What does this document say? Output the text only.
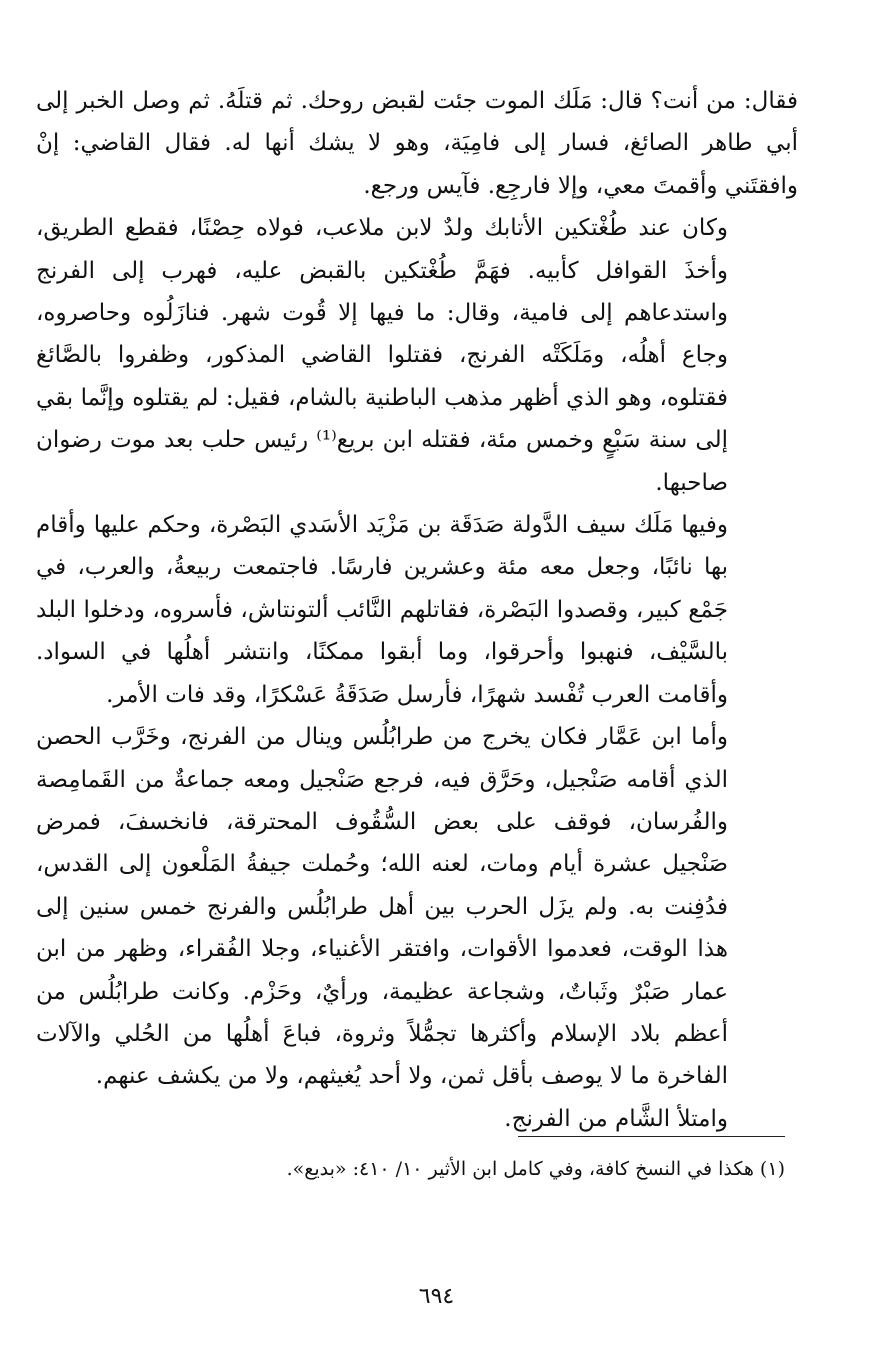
فقال: من أنت؟ قال: مَلَك الموت جئت لقبض روحك. ثم قتلَهُ. ثم وصل الخبر إلى أبي طاهر الصائغ، فسار إلى فامِيَة، وهو لا يشك أنها له. فقال القاضي: إنْ وافقتَني وأقمتَ معي، وإلا فارجِع. فآيس ورجع.

وكان عند طُغْتكين الأتابك ولدٌ لابن ملاعب، فولاه حِصْنًا، فقطع الطريق، وأخذَ القوافل كأبيه. فهَمَّ طُغْتكين بالقبض عليه، فهرب إلى الفرنج واستدعاهم إلى فامية، وقال: ما فيها إلا قُوت شهر. فنازَلُوه وحاصروه، وجاع أهلُه، ومَلَكَتْه الفرنج، فقتلوا القاضي المذكور، وظفروا بالصَّائغ فقتلوه، وهو الذي أظهر مذهب الباطنية بالشام، فقيل: لم يقتلوه وإنَّما بقي إلى سنة سَبْعٍ وخمس مئة، فقتله ابن بريع⁽¹⁾ رئيس حلب بعد موت رضوان صاحبها.

وفيها مَلَك سيف الدَّولة صَدَقَة بن مَزْيَد الأسَدي البَصْرة، وحكم عليها وأقام بها نائبًا، وجعل معه مئة وعشرين فارسًا. فاجتمعت ربيعةُ، والعرب، في جَمْع كبير، وقصدوا البَصْرة، فقاتلهم النَّائب ألتونتاش، فأسروه، ودخلوا البلد بالسَّيْف، فنهبوا وأحرقوا، وما أبقوا ممكنًا، وانتشر أهلُها في السواد. وأقامت العرب تُفْسد شهرًا، فأرسل صَدَقَةُ عَسْكرًا، وقد فات الأمر.

وأما ابن عَمَّار فكان يخرج من طرابُلُس وينال من الفرنج، وخَرَّب الحصن الذي أقامه صَنْجيل، وحَرَّق فيه، فرجع صَنْجيل ومعه جماعةٌ من القَمامِصة والفُرسان، فوقف على بعض السُّقُوف المحترقة، فانخسفَ، فمرض صَنْجيل عشرة أيام ومات، لعنه الله؛ وحُملت جيفةُ المَلْعون إلى القدس، فدُفِنت به. ولم يزَل الحرب بين أهل طرابُلُس والفرنج خمس سنين إلى هذا الوقت، فعدموا الأقوات، وافتقر الأغنياء، وجلا الفُقراء، وظهر من ابن عمار صَبْرٌ وثَباتٌ، وشجاعة عظيمة، ورأيٌ، وحَزْم. وكانت طرابُلُس من أعظم بلاد الإسلام وأكثرها تجمُّلاً وثروة، فباعَ أهلُها من الحُلي والآلات الفاخرة ما لا يوصف بأقل ثمن، ولا أحد يُغيثهم، ولا من يكشف عنهم.

وامتلأ الشَّام من الفرنج.

(١) هكذا في النسخ كافة، وفي كامل ابن الأثير ١٠/ ٤١٠: «بديع».
٦٩٤
